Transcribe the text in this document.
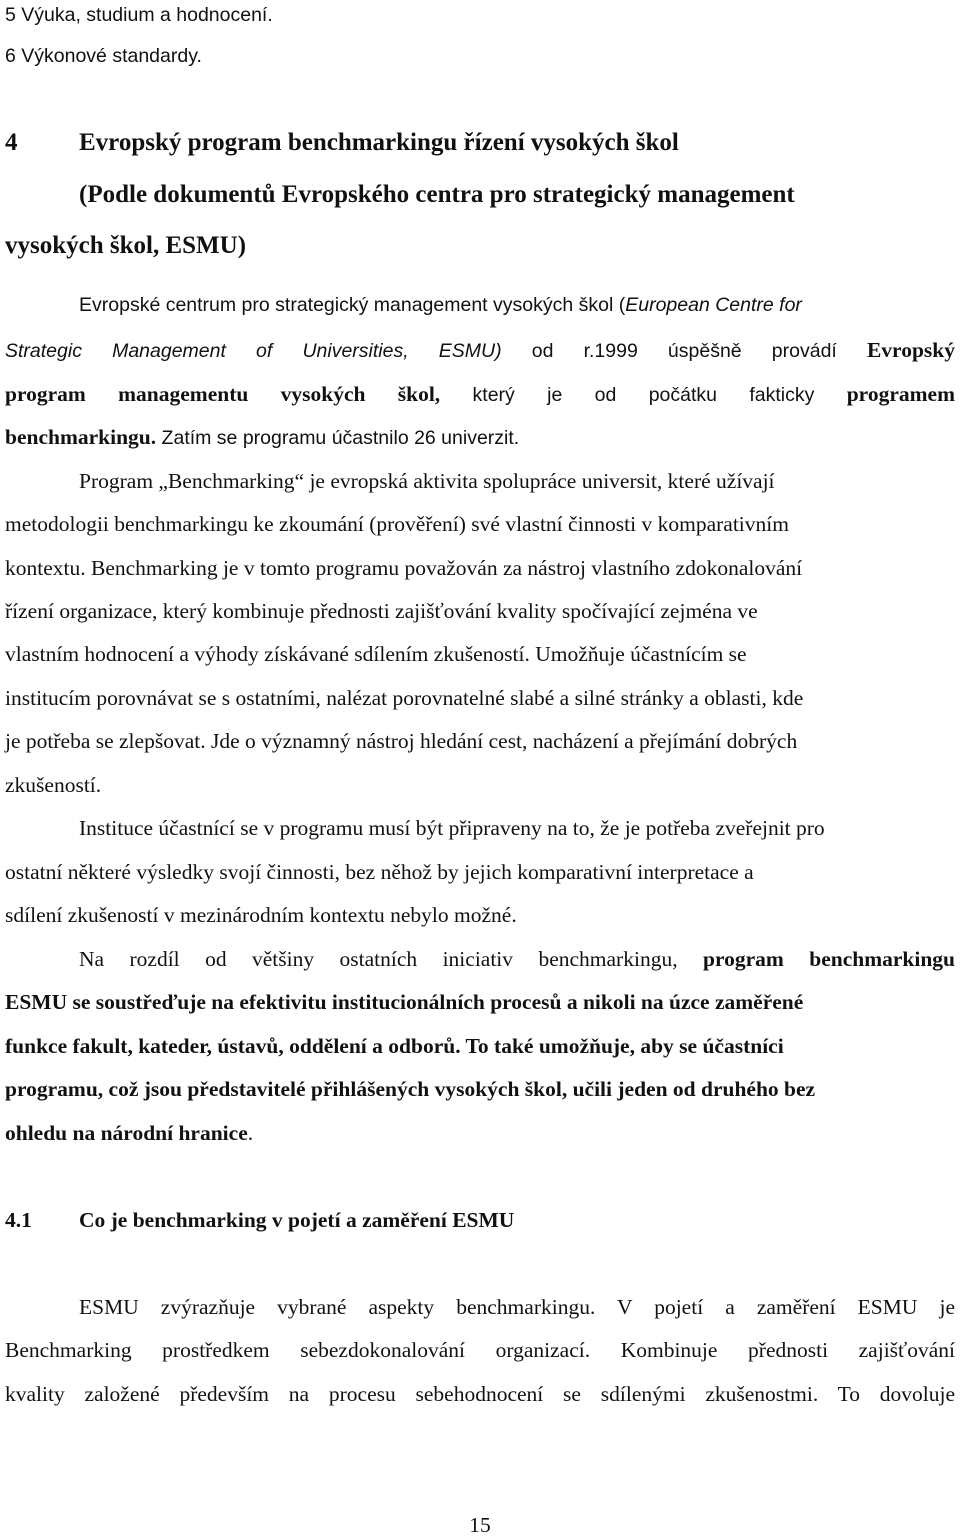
5 Výuka, studium a hodnocení.
6 Výkonové standardy.
4 Evropský program benchmarkingu řízení vysokých škol
(Podle dokumentů Evropského centra pro strategický management
vysokých škol, ESMU)
Evropské centrum pro strategický management vysokých škol (European Centre for
Strategic Management of Universities, ESMU) od r.1999 úspěšně provádí Evropský
program managementu vysokých škol, který je od počátku fakticky programem
benchmarkingu. Zatím se programu účastnilo 26 univerzit.
Program „Benchmarking“ je evropská aktivita spolupráce universit, které užívají
metodologii benchmarkingu ke zkoumání (prověření) své vlastní činnosti v komparativním
kontextu. Benchmarking je v tomto programu považován za nástroj vlastního zdokonalování
řízení organizace, který kombinuje přednosti zajišťování kvality spočívající zejména ve
vlastním hodnocení a výhody získávané sdílením zkušeností. Umožňuje účastnícím se
institucím porovnávat se s ostatními, nalézat porovnatelné slabé a silné stránky a oblasti, kde
je potřeba se zlepšovat. Jde o významný nástroj hledání cest, nacházení a přejímání dobrých
zkušeností.
Instituce účastnící se v programu musí být připraveny na to, že je potřeba zveřejnit pro
ostatní některé výsledky svojí činnosti, bez něhož by jejich komparativní interpretace a
sdílení zkušeností v mezinárodním kontextu nebylo možné.
Na rozdíl od většiny ostatních iniciativ benchmarkingu, program benchmarkingu
ESMU se soustřeďuje na efektivitu institucionálních procesů a nikoli na úzce zaměřené
funkce fakult, kateder, ústavů, oddělení a odborů. To také umožňuje, aby se účastníci
programu, což jsou představitelé přihlášených vysokých škol, učili jeden od druhého bez
ohledu na národní hranice.
4.1 Co je benchmarking v pojetí a zaměření ESMU
ESMU zvýrazňuje vybrané aspekty benchmarkingu. V pojetí a zaměření ESMU je
Benchmarking prostředkem sebezdokonalování organizací. Kombinuje přednosti zajišťování
kvality založené především na procesu sebehodnocení se sdílenými zkušenostmi. To dovoluje
15
